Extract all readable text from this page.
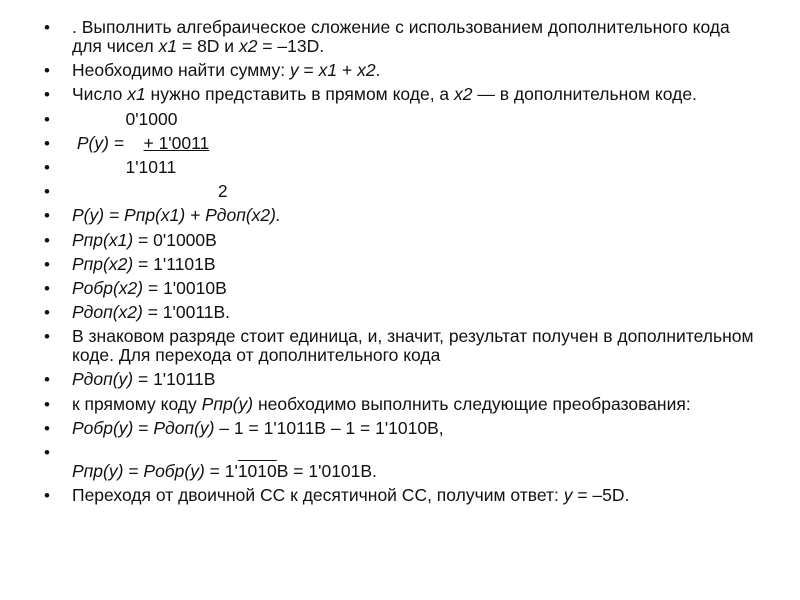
• . Выполнить алгебраическое сложение с использованием дополнительного кода для чисел x1 = 8D и x2 = –13D.
• Необходимо найти сумму: y = x1 + x2.
• Число x1 нужно представить в прямом коде, а x2 — в дополнительном коде.
• 0'1000
• P(y) =    + 1'0011
• 1'1011
• 2
• P(y) = Pпр(x1) + Pдоп(x2).
• Pпр(x1) = 0'1000B
• Pпр(x2) = 1'1101B
• Pобр(x2) = 1'0010B
• Pдоп(x2) = 1'0011B.
• В знаковом разряде стоит единица, и, значит, результат получен в дополнительном коде. Для перехода от дополнительного кода
• Pдоп(y) = 1'1011B
• к прямому коду Pпр(y) необходимо выполнить следующие преобразования:
• Pобр(y) = Pдоп(y) – 1 = 1'1011B – 1 = 1'1010B,
•

Pпр(y) = Pобр(y) = 1'1010B = 1'0101B.
• Переходя от двоичной СС к десятичной СС, получим ответ: y = –5D.
